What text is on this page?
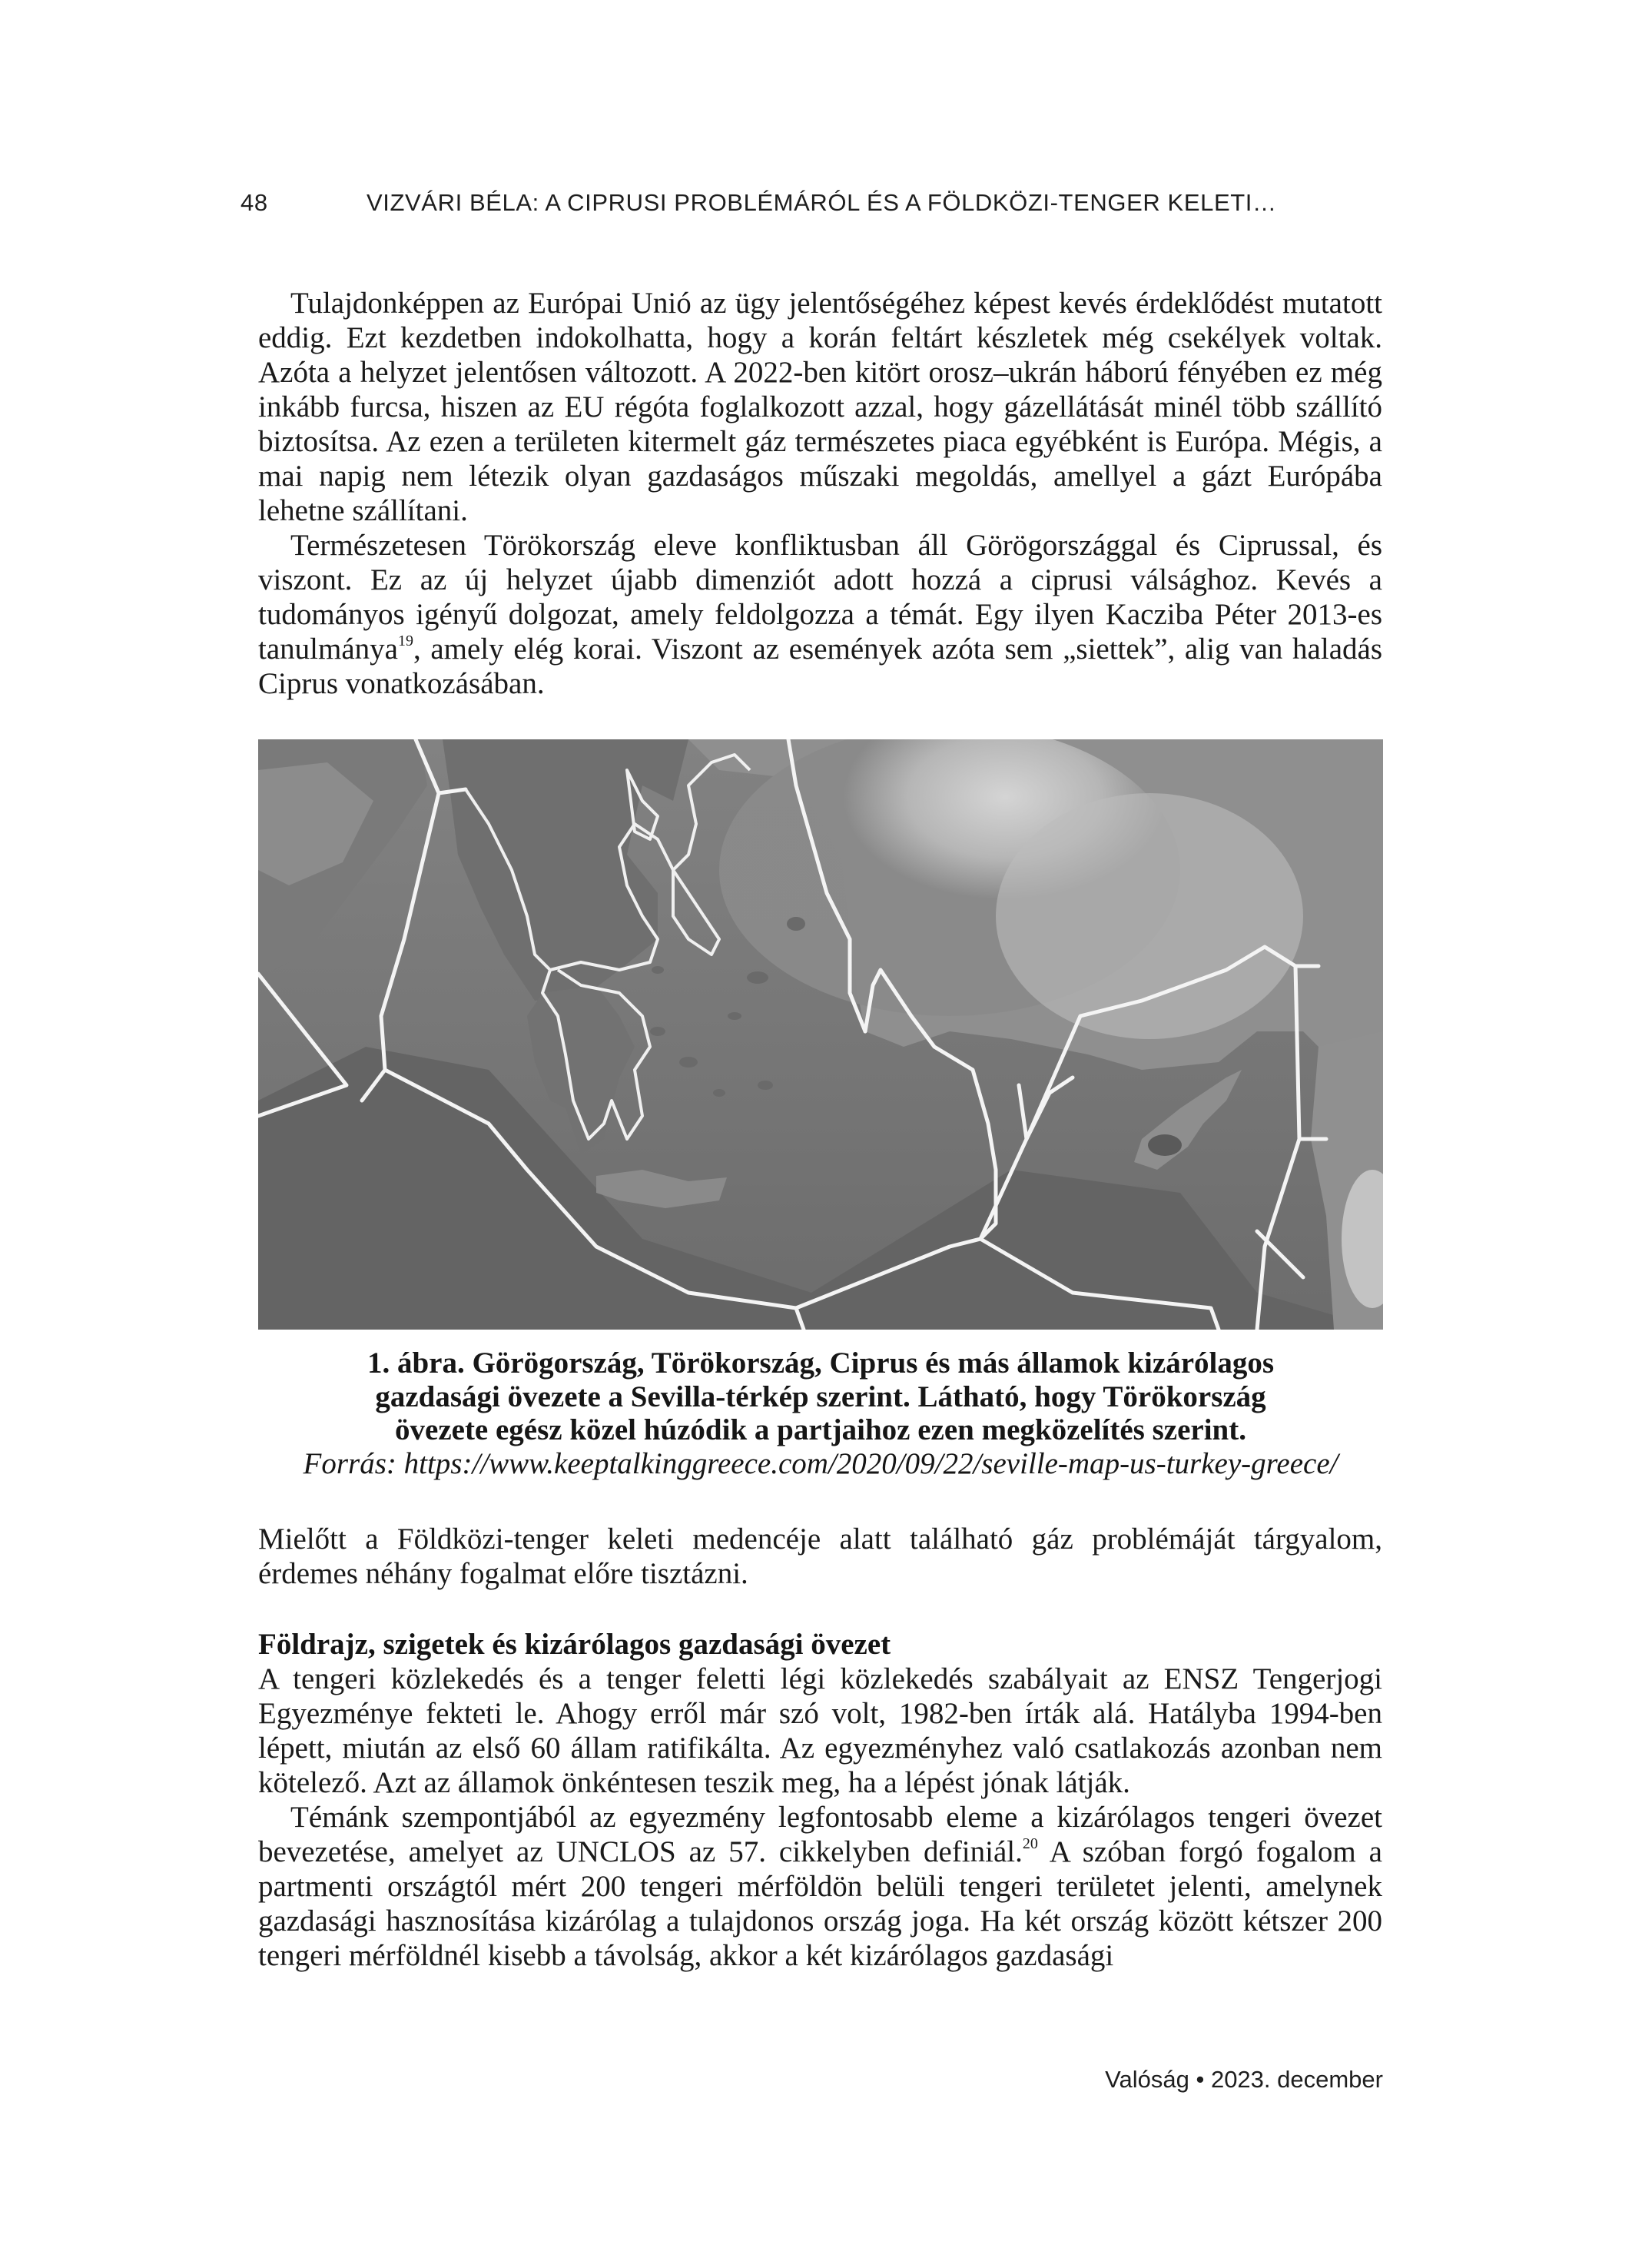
48	VIZVÁRI BÉLA: A CIPRUSI PROBLÉMÁRÓL ÉS A FÖLDKÖZI-TENGER KELETI…

Tulajdonképpen az Európai Unió az ügy jelentőségéhez képest kevés érdeklődést mutatott eddig. Ezt kezdetben indokolhatta, hogy a korán feltárt készletek még csekélyek voltak. Azóta a helyzet jelentősen változott. A 2022-ben kitört orosz–ukrán háború fényében ez még inkább furcsa, hiszen az EU régóta foglalkozott azzal, hogy gázellátását minél több szállító biztosítsa. Az ezen a területen kitermelt gáz természetes piaca egyébként is Európa. Mégis, a mai napig nem létezik olyan gazdaságos műszaki megoldás, amellyel a gázt Európába lehetne szállítani.

Természetesen Törökország eleve konfliktusban áll Görögországgal és Ciprussal, és viszont. Ez az új helyzet újabb dimenziót adott hozzá a ciprusi válsághoz. Kevés a tudományos igényű dolgozat, amely feldolgozza a témát. Egy ilyen Kacziba Péter 2013-es tanulmánya$^{19}$, amely elég korai. Viszont az események azóta sem „siettek”, alig van haladás Ciprus vonatkozásában.

1. ábra. Görögország, Törökország, Ciprus és más államok kizárólagos
gazdasági övezete a Sevilla-térkép szerint. Látható, hogy Törökország
övezete egész közel húzódik a partjaihoz ezen megközelítés szerint.
Forrás: https://www.keeptalkinggreece.com/2020/09/22/seville-map-us-turkey-greece/

Mielőtt a Földközi-tenger keleti medencéje alatt található gáz problémáját tárgyalom, érdemes néhány fogalmat előre tisztázni.

Földrajz, szigetek és kizárólagos gazdasági övezet

A tengeri közlekedés és a tenger feletti légi közlekedés szabályait az ENSZ Tengerjogi Egyezménye fekteti le. Ahogy erről már szó volt, 1982-ben írták alá. Hatályba 1994-ben lépett, miután az első 60 állam ratifikálta. Az egyezményhez való csatlakozás azonban nem kötelező. Azt az államok önkéntesen teszik meg, ha a lépést jónak látják.

Témánk szempontjából az egyezmény legfontosabb eleme a kizárólagos tengeri övezet bevezetése, amelyet az UNCLOS az 57. cikkelyben definiál.$^{20}$ A szóban forgó fogalom a partmenti országtól mért 200 tengeri mérföldön belüli tengeri területet jelenti, amelynek gazdasági hasznosítása kizárólag a tulajdonos ország joga. Ha két ország között kétszer 200 tengeri mérföldnél kisebb a távolság, akkor a két kizárólagos gazdasági

Valóság • 2023. december
